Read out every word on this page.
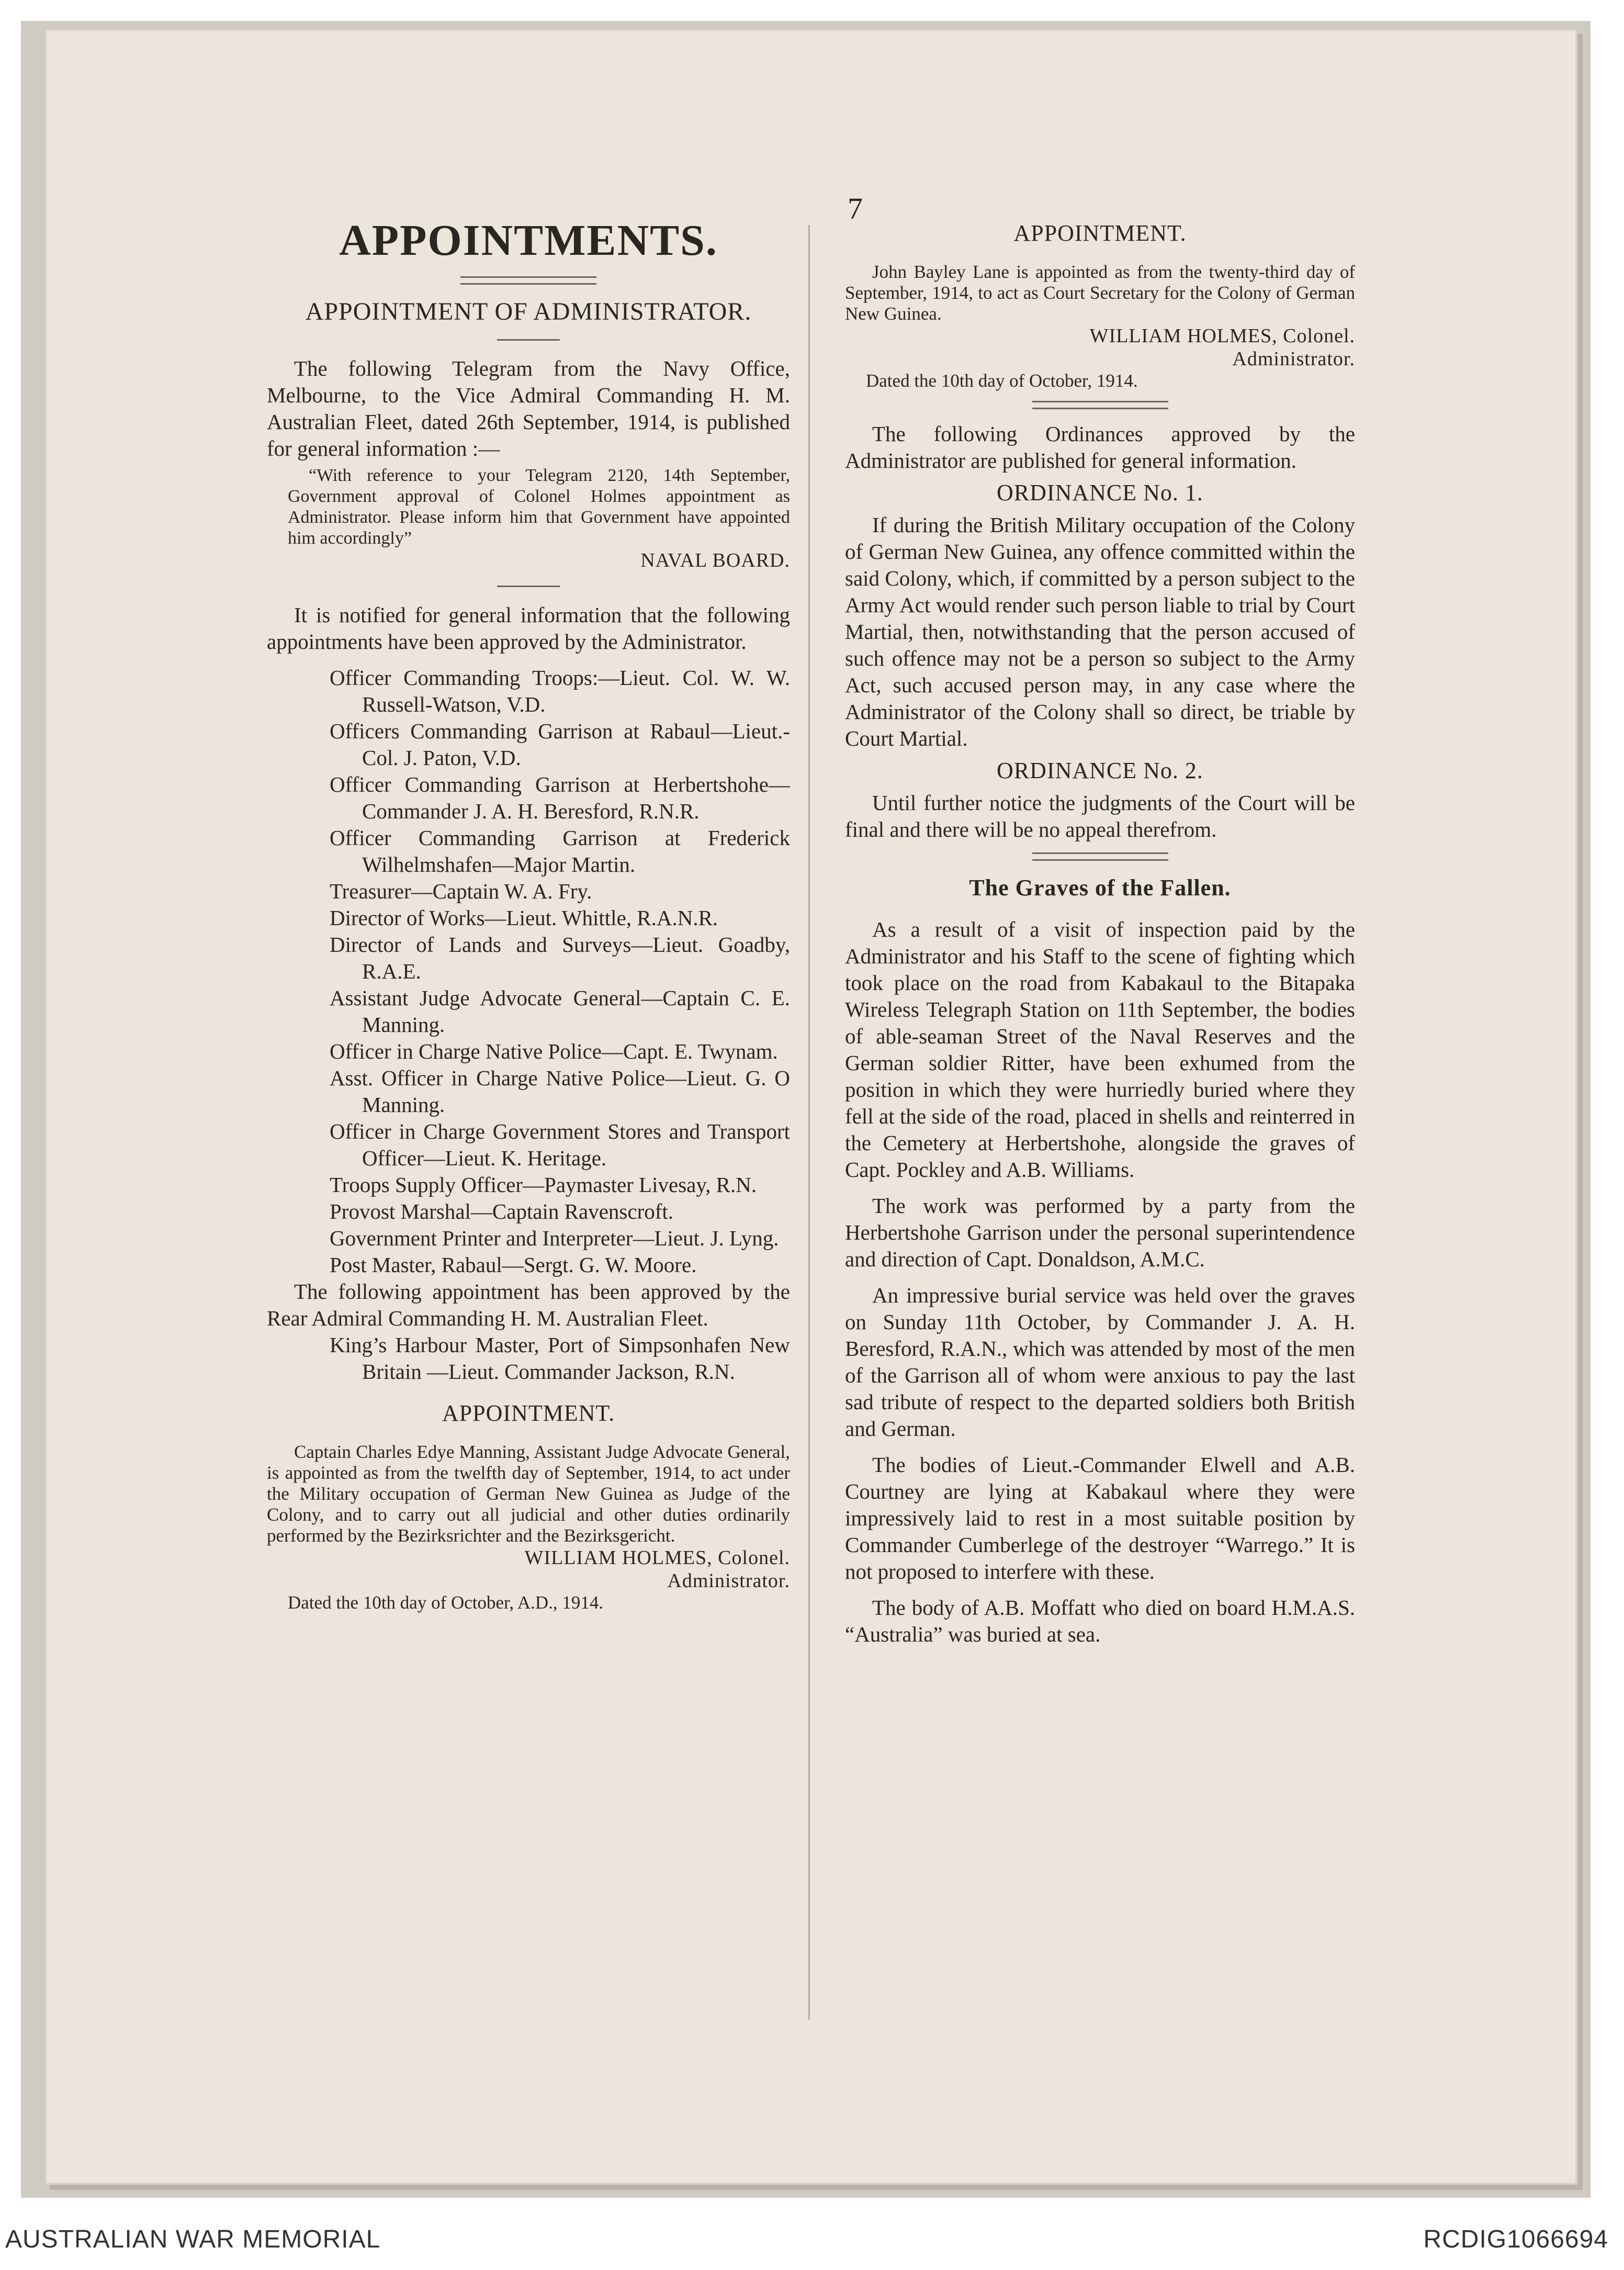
7
APPOINTMENTS.
APPOINTMENT OF ADMINISTRATOR.

The following Telegram from the Navy Office, Melbourne, to the Vice Admiral Commanding H. M. Australian Fleet, dated 26th September, 1914, is published for general information :—

“With reference to your Telegram 2120, 14th September, Government approval of Colonel Holmes appointment as Administrator. Please inform him that Government have appointed him accordingly”

NAVAL BOARD.

It is notified for general information that the following appointments have been approved by the Administrator.

Officer Commanding Troops:—Lieut. Col. W. W. Russell-Watson, V.D.
Officers Commanding Garrison at Rabaul—Lieut.-Col. J. Paton, V.D.
Officer Commanding Garrison at Herbertshohe—Commander J. A. H. Beresford, R.N.R.
Officer Commanding Garrison at Frederick Wilhelmshafen—Major Martin.
Treasurer—Captain W. A. Fry.
Director of Works—Lieut. Whittle, R.A.N.R.
Director of Lands and Surveys—Lieut. Goadby, R.A.E.
Assistant Judge Advocate General—Captain C. E. Manning.
Officer in Charge Native Police—Capt. E. Twynam.
Asst. Officer in Charge Native Police—Lieut. G. O Manning.
Officer in Charge Government Stores and Transport Officer—Lieut. K. Heritage.
Troops Supply Officer—Paymaster Livesay, R.N.
Provost Marshal—Captain Ravenscroft.
Government Printer and Interpreter—Lieut. J. Lyng.
Post Master, Rabaul—Sergt. G. W. Moore.

The following appointment has been approved by the Rear Admiral Commanding H. M. Australian Fleet.

King’s Harbour Master, Port of Simpsonhafen New Britain —Lieut. Commander Jackson, R.N.
APPOINTMENT.

Captain Charles Edye Manning, Assistant Judge Advocate General, is appointed as from the twelfth day of September, 1914, to act under the Military occupation of German New Guinea as Judge of the Colony, and to carry out all judicial and other duties ordinarily performed by the Bezirksrichter and the Bezirksgericht.

WILLIAM HOLMES, Colonel.
Administrator.
Dated the 10th day of October, A.D., 1914.
APPOINTMENT.

John Bayley Lane is appointed as from the twenty-third day of September, 1914, to act as Court Secretary for the Colony of German New Guinea.

WILLIAM HOLMES, Colonel.
Administrator.
Dated the 10th day of October, 1914.

The following Ordinances approved by the Administrator are published for general information.

ORDINANCE No. 1.

If during the British Military occupation of the Colony of German New Guinea, any offence committed within the said Colony, which, if committed by a person subject to the Army Act would render such person liable to trial by Court Martial, then, notwithstanding that the person accused of such offence may not be a person so subject to the Army Act, such accused person may, in any case where the Administrator of the Colony shall so direct, be triable by Court Martial.

ORDINANCE No. 2.

Until further notice the judgments of the Court will be final and there will be no appeal therefrom.

The Graves of the Fallen.

As a result of a visit of inspection paid by the Administrator and his Staff to the scene of fighting which took place on the road from Kabakaul to the Bitapaka Wireless Telegraph Station on 11th September, the bodies of able-seaman Street of the Naval Reserves and the German soldier Ritter, have been exhumed from the position in which they were hurriedly buried where they fell at the side of the road, placed in shells and reinterred in the Cemetery at Herbertshohe, alongside the graves of Capt. Pockley and A.B. Williams.

The work was performed by a party from the Herbertshohe Garrison under the personal superintendence and direction of Capt. Donaldson, A.M.C.

An impressive burial service was held over the graves on Sunday 11th October, by Commander J. A. H. Beresford, R.A.N., which was attended by most of the men of the Garrison all of whom were anxious to pay the last sad tribute of respect to the departed soldiers both British and German.

The bodies of Lieut.-Commander Elwell and A.B. Courtney are lying at Kabakaul where they were impressively laid to rest in a most suitable position by Commander Cumberlege of the destroyer “Warrego.” It is not proposed to interfere with these.

The body of A.B. Moffatt who died on board H.M.A.S. “Australia” was buried at sea.

AUSTRALIAN WAR MEMORIAL	RCDIG1066694
